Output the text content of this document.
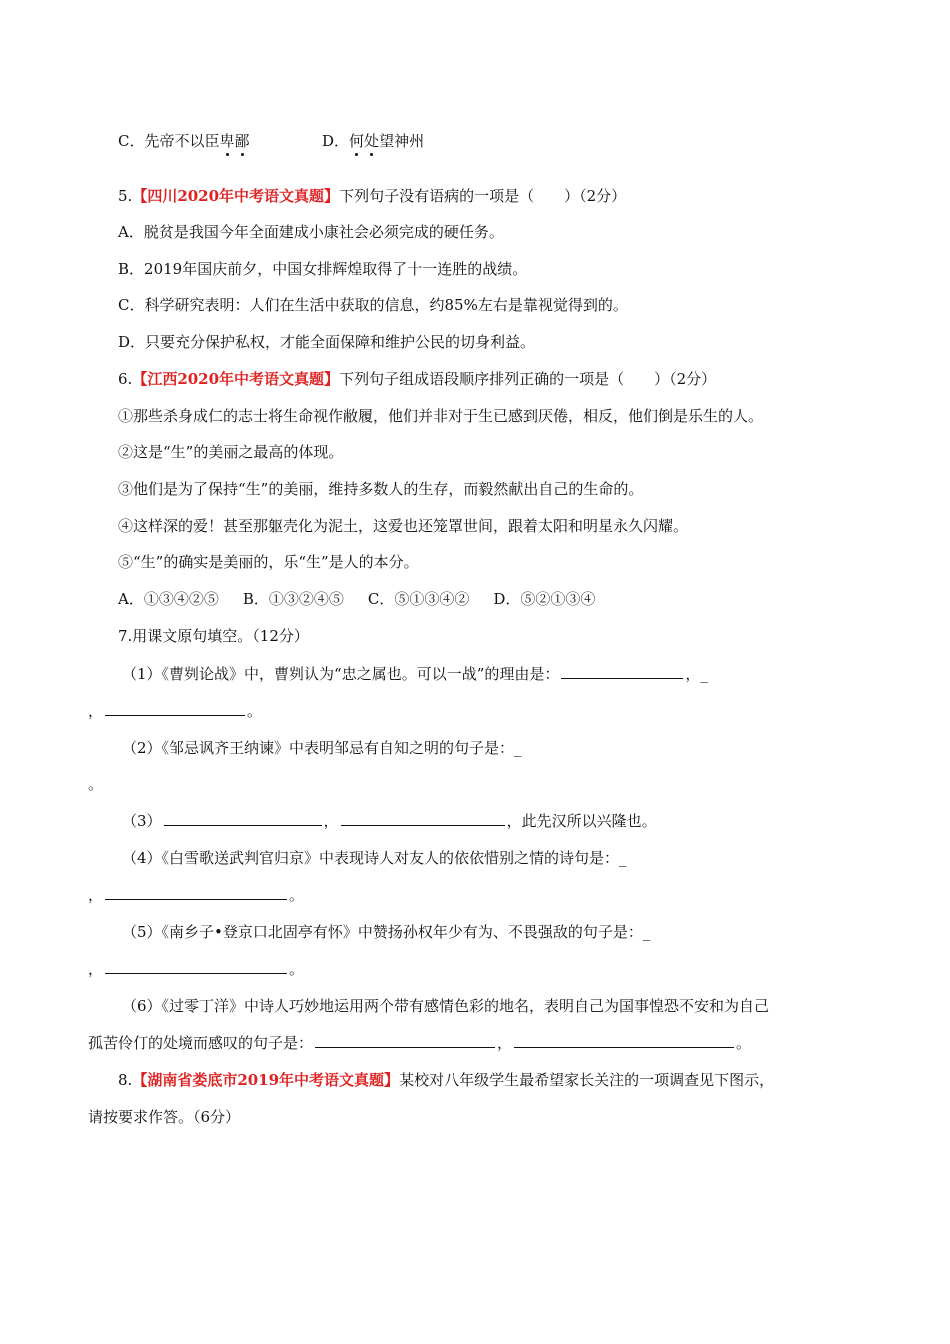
C．先帝不以臣卑鄙	D．何处望神州
5.【四川2020年中考语文真题】下列句子没有语病的一项是（　　）（2分）
A．脱贫是我国今年全面建成小康社会必须完成的硬任务。
B．2019年国庆前夕，中国女排辉煌取得了十一连胜的战绩。
C．科学研究表明：人们在生活中获取的信息，约85%左右是靠视觉得到的。
D．只要充分保护私权，才能全面保障和维护公民的切身利益。
6.【江西2020年中考语文真题】下列句子组成语段顺序排列正确的一项是（　　）（2分）
①那些杀身成仁的志士将生命视作敝履，他们并非对于生已感到厌倦，相反，他们倒是乐生的人。
②这是“生”的美丽之最高的体现。
③他们是为了保持“生”的美丽，维持多数人的生存，而毅然献出自己的生命的。
④这样深的爱！甚至那躯壳化为泥土，这爱也还笼罩世间，跟着太阳和明星永久闪耀。
⑤“生”的确实是美丽的，乐“生”是人的本分。
A．①③④②⑤ B．①③②④⑤ C．⑤①③④② D．⑤②①③④
7.用课文原句填空。（12分）
（1）《曹刿论战》中，曹刿认为“忠之属也。可以一战”的理由是：	，_
，	。
（2）《邹忌讽齐王纳谏》中表明邹忌有自知之明的句子是：_
。
（3）	，	，此先汉所以兴隆也。
（4）《白雪歌送武判官归京》中表现诗人对友人的依依惜别之情的诗句是：_
，	。
（5）《南乡子•登京口北固亭有怀》中赞扬孙权年少有为、不畏强敌的句子是：_
，	。
（6）《过零丁洋》中诗人巧妙地运用两个带有感情色彩的地名，表明自己为国事惶恐不安和为自己
孤苦伶仃的处境而感叹的句子是：	，	。
8.【湖南省娄底市2019年中考语文真题】某校对八年级学生最希望家长关注的一项调查见下图示，
请按要求作答。（6分）
